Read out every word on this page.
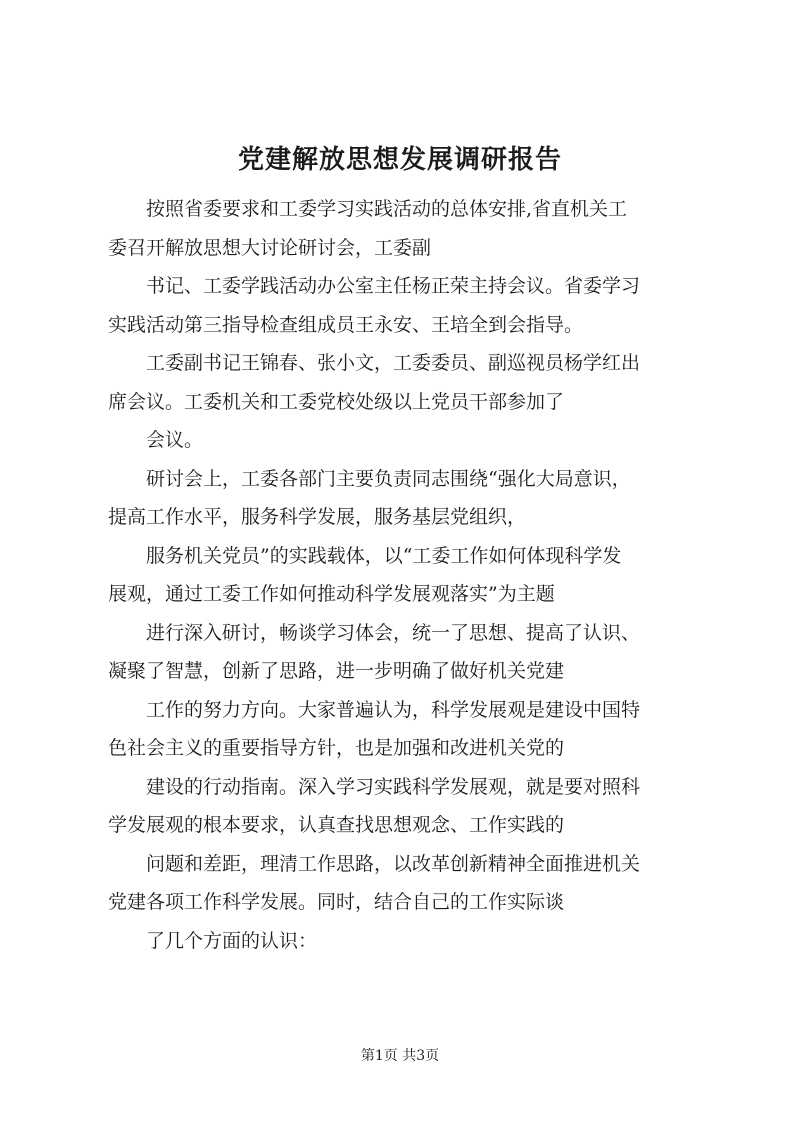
党建解放思想发展调研报告
按照省委要求和工委学习实践活动的总体安排,省直机关工
委召开解放思想大讨论研讨会，工委副
书记、工委学践活动办公室主任杨正荣主持会议。省委学习
实践活动第三指导检查组成员王永安、王培全到会指导。
工委副书记王锦春、张小文，工委委员、副巡视员杨学红出
席会议。工委机关和工委党校处级以上党员干部参加了
会议。
研讨会上，工委各部门主要负责同志围绕“强化大局意识，
提高工作水平，服务科学发展，服务基层党组织，
服务机关党员”的实践载体，以“工委工作如何体现科学发
展观，通过工委工作如何推动科学发展观落实”为主题
进行深入研讨，畅谈学习体会，统一了思想、提高了认识、
凝聚了智慧，创新了思路，进一步明确了做好机关党建
工作的努力方向。大家普遍认为，科学发展观是建设中国特
色社会主义的重要指导方针，也是加强和改进机关党的
建设的行动指南。深入学习实践科学发展观，就是要对照科
学发展观的根本要求，认真查找思想观念、工作实践的
问题和差距，理清工作思路，以改革创新精神全面推进机关
党建各项工作科学发展。同时，结合自己的工作实际谈
了几个方面的认识：
第1页 共3页
